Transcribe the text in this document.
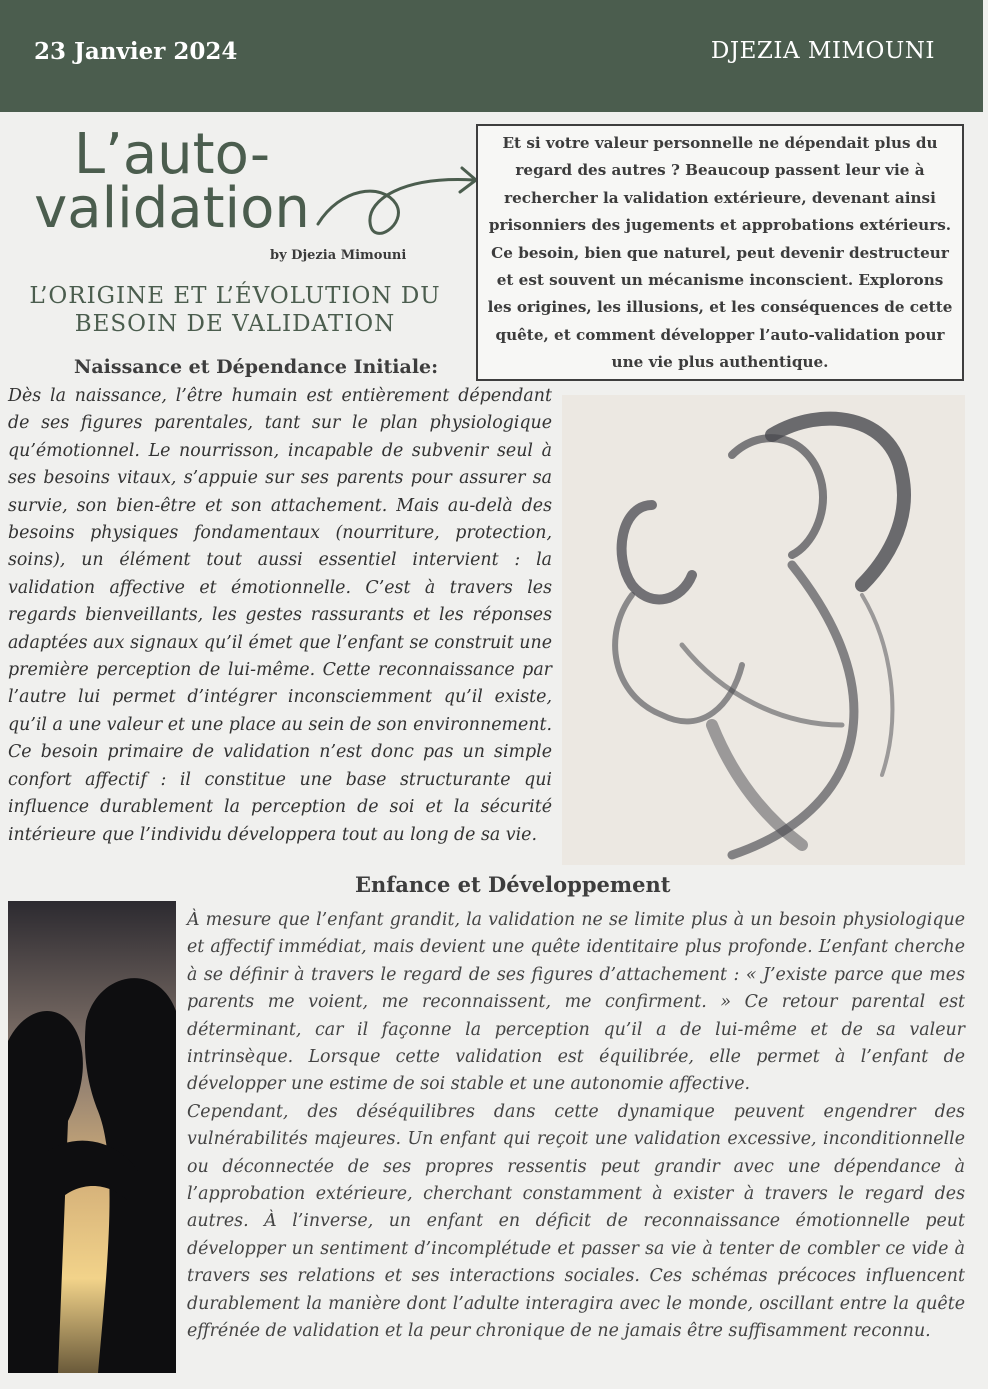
23 Janvier 2024	DJEZIA MIMOUNI
L’auto-
validation
by Djezia Mimouni
Et si votre valeur personnelle ne dépendait plus du regard des autres ? Beaucoup passent leur vie à rechercher la validation extérieure, devenant ainsi prisonniers des jugements et approbations extérieurs. Ce besoin, bien que naturel, peut devenir destructeur et est souvent un mécanisme inconscient. Explorons les origines, les illusions, et les conséquences de cette quête, et comment développer l’auto-validation pour une vie plus authentique.
L’ORIGINE ET L’ÉVOLUTION DU
BESOIN DE VALIDATION
Naissance et Dépendance Initiale:
Dès la naissance, l’être humain est entièrement dépendant de ses figures parentales, tant sur le plan physiologique qu’émotionnel. Le nourrisson, incapable de subvenir seul à ses besoins vitaux, s’appuie sur ses parents pour assurer sa survie, son bien-être et son attachement. Mais au-delà des besoins physiques fondamentaux (nourriture, protection, soins), un élément tout aussi essentiel intervient : la validation affective et émotionnelle. C’est à travers les regards bienveillants, les gestes rassurants et les réponses adaptées aux signaux qu’il émet que l’enfant se construit une première perception de lui-même. Cette reconnaissance par l’autre lui permet d’intégrer inconsciemment qu’il existe, qu’il a une valeur et une place au sein de son environnement. Ce besoin primaire de validation n’est donc pas un simple confort affectif : il constitue une base structurante qui influence durablement la perception de soi et la sécurité intérieure que l’individu développera tout au long de sa vie.
Enfance et Développement
À mesure que l’enfant grandit, la validation ne se limite plus à un besoin physiologique et affectif immédiat, mais devient une quête identitaire plus profonde. L’enfant cherche à se définir à travers le regard de ses figures d’attachement : « J’existe parce que mes parents me voient, me reconnaissent, me confirment. » Ce retour parental est déterminant, car il façonne la perception qu’il a de lui-même et de sa valeur intrinsèque. Lorsque cette validation est équilibrée, elle permet à l’enfant de développer une estime de soi stable et une autonomie affective.
Cependant, des déséquilibres dans cette dynamique peuvent engendrer des vulnérabilités majeures. Un enfant qui reçoit une validation excessive, inconditionnelle ou déconnectée de ses propres ressentis peut grandir avec une dépendance à l’approbation extérieure, cherchant constamment à exister à travers le regard des autres. À l’inverse, un enfant en déficit de reconnaissance émotionnelle peut développer un sentiment d’incomplétude et passer sa vie à tenter de combler ce vide à travers ses relations et ses interactions sociales. Ces schémas précoces influencent durablement la manière dont l’adulte interagira avec le monde, oscillant entre la quête effrénée de validation et la peur chronique de ne jamais être suffisamment reconnu.
